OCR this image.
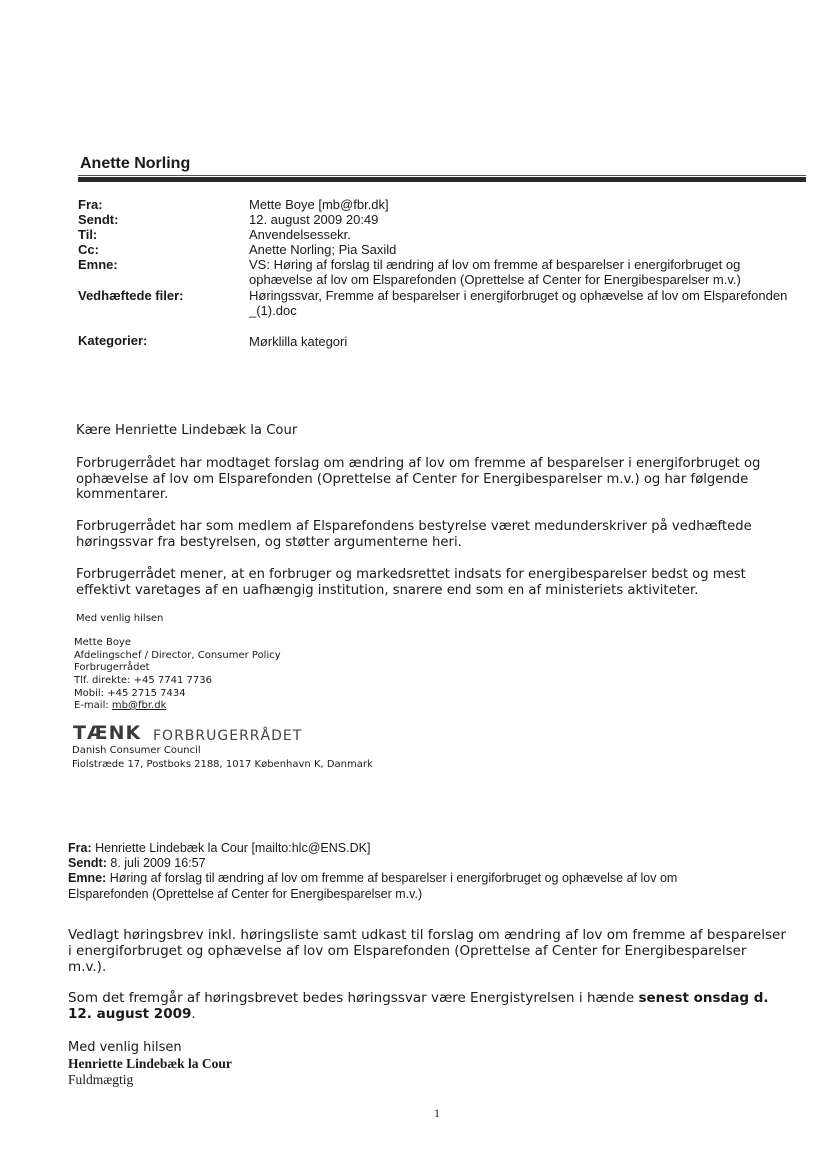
Anette Norling
Fra:	Mette Boye [mb@fbr.dk]
Sendt:	12. august 2009 20:49
Til:	Anvendelsessekr.
Cc:	Anette Norling; Pia Saxild
Emne:	VS: Høring af forslag til ændring af lov om fremme af besparelser i energiforbruget og ophævelse af lov om Elsparefonden (Oprettelse af Center for Energibesparelser m.v.)
Vedhæftede filer:	Høringssvar, Fremme af besparelser i energiforbruget og ophævelse af lov om Elsparefonden _(1).doc
Kategorier:	Mørklilla kategori
Kære Henriette Lindebæk la Cour
Forbrugerrådet har modtaget forslag om ændring af lov om fremme af besparelser i energiforbruget og ophævelse af lov om Elsparefonden (Oprettelse af Center for Energibesparelser m.v.) og har følgende kommentarer.
Forbrugerrådet har som medlem af Elsparefondens bestyrelse været medunderskriver på vedhæftede høringssvar fra bestyrelsen, og støtter argumenterne heri.
Forbrugerrådet mener, at en forbruger og markedsrettet indsats for energibesparelser bedst og mest effektivt varetages af en uafhængig institution, snarere end som en af ministeriets aktiviteter.
Med venlig hilsen
Mette Boye
Afdelingschef / Director, Consumer Policy
Forbrugerrådet
Tlf. direkte: +45 7741 7736
Mobil: +45 2715 7434
E-mail: mb@fbr.dk
TÆNK FORBRUGERRÅDET
Danish Consumer Council
Fiolstræde 17, Postboks 2188, 1017 København K, Danmark
Fra: Henriette Lindebæk la Cour [mailto:hlc@ENS.DK]
Sendt: 8. juli 2009 16:57
Emne: Høring af forslag til ændring af lov om fremme af besparelser i energiforbruget og ophævelse af lov om
Elsparefonden (Oprettelse af Center for Energibesparelser m.v.)
Vedlagt høringsbrev inkl. høringsliste samt udkast til forslag om ændring af lov om fremme af besparelser i energiforbruget og ophævelse af lov om Elsparefonden (Oprettelse af Center for Energibesparelser m.v.).
Som det fremgår af høringsbrevet bedes høringssvar være Energistyrelsen i hænde senest onsdag d. 12. august 2009.
Med venlig hilsen
Henriette Lindebæk la Cour
Fuldmægtig
1
